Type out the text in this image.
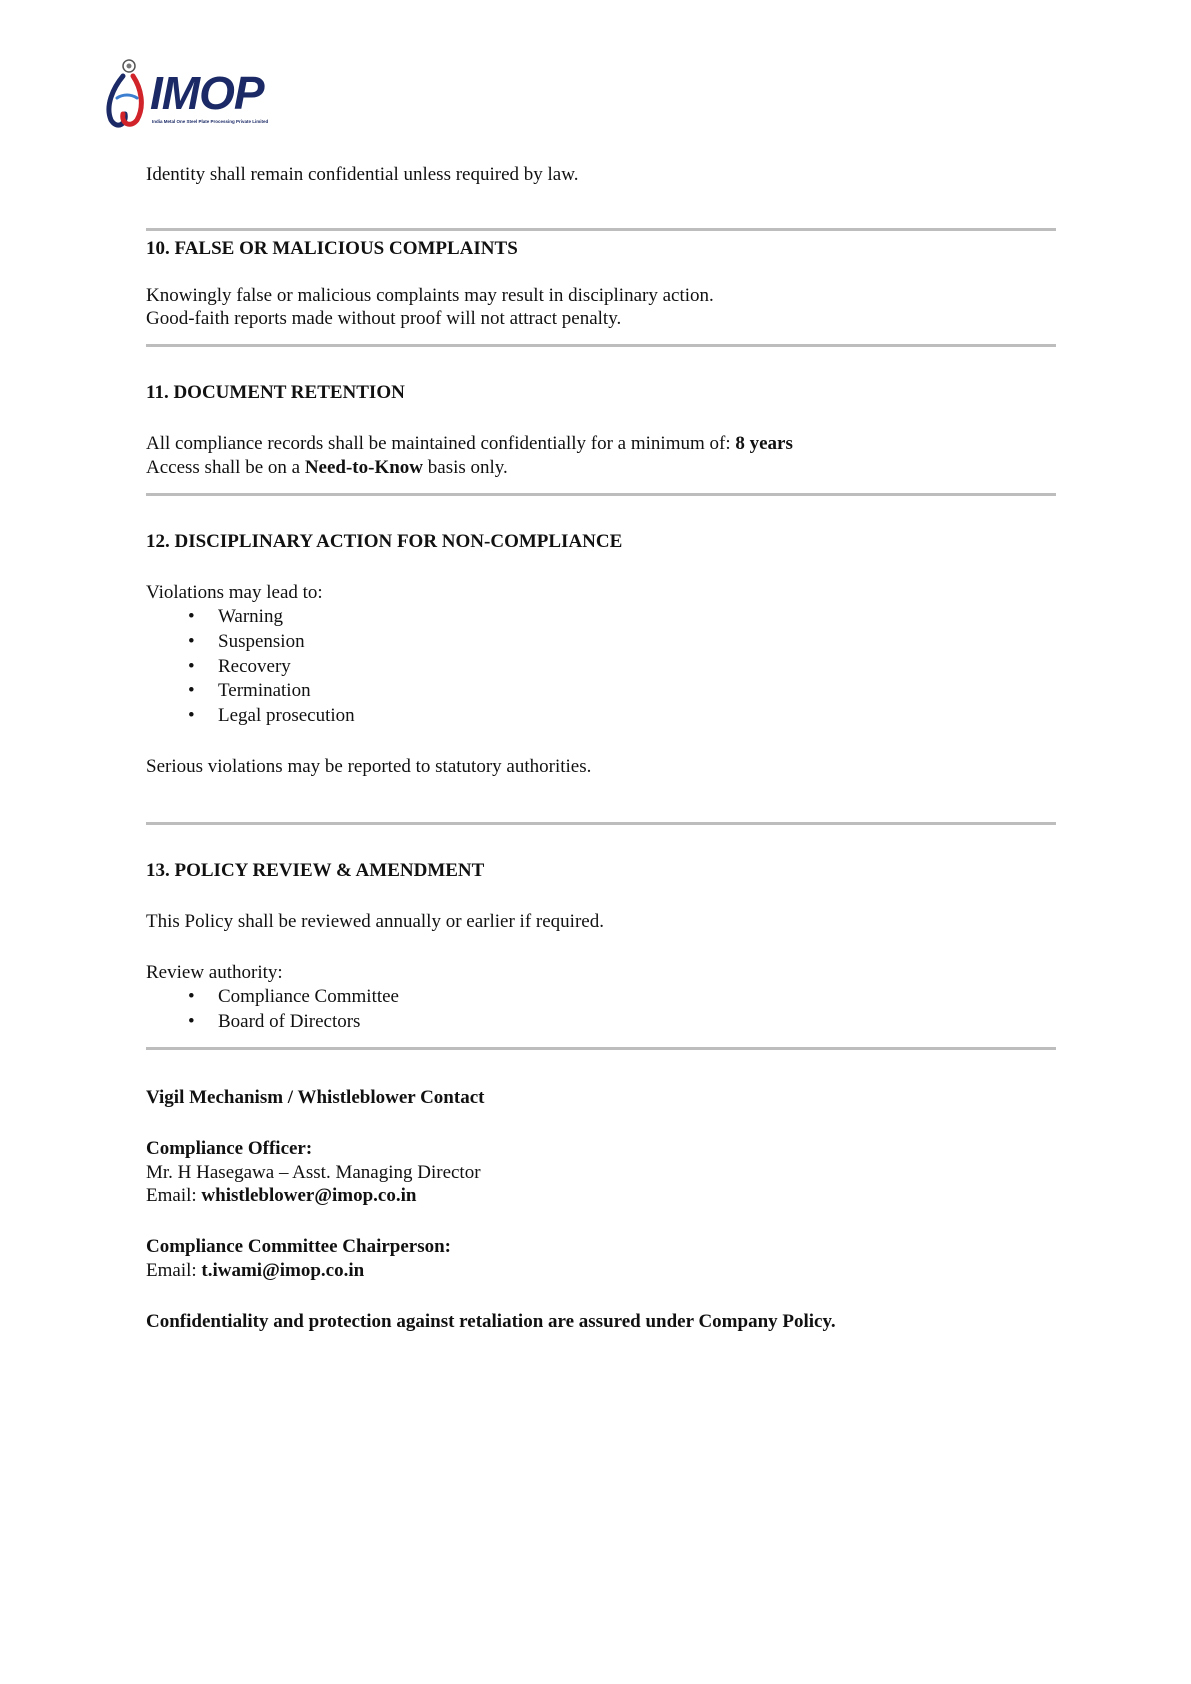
IMOP
India Metal One Steel Plate Processing Private Limited
Identity shall remain confidential unless required by law.
10. FALSE OR MALICIOUS COMPLAINTS
Knowingly false or malicious complaints may result in disciplinary action.
Good-faith reports made without proof will not attract penalty.
11. DOCUMENT RETENTION
All compliance records shall be maintained confidentially for a minimum of: 8 years
Access shall be on a Need-to-Know basis only.
12. DISCIPLINARY ACTION FOR NON-COMPLIANCE
Violations may lead to:
• Warning
• Suspension
• Recovery
• Termination
• Legal prosecution
Serious violations may be reported to statutory authorities.
13. POLICY REVIEW & AMENDMENT
This Policy shall be reviewed annually or earlier if required.
Review authority:
• Compliance Committee
• Board of Directors
Vigil Mechanism / Whistleblower Contact
Compliance Officer:
Mr. H Hasegawa – Asst. Managing Director
Email: whistleblower@imop.co.in
Compliance Committee Chairperson:
Email: t.iwami@imop.co.in
Confidentiality and protection against retaliation are assured under Company Policy.
